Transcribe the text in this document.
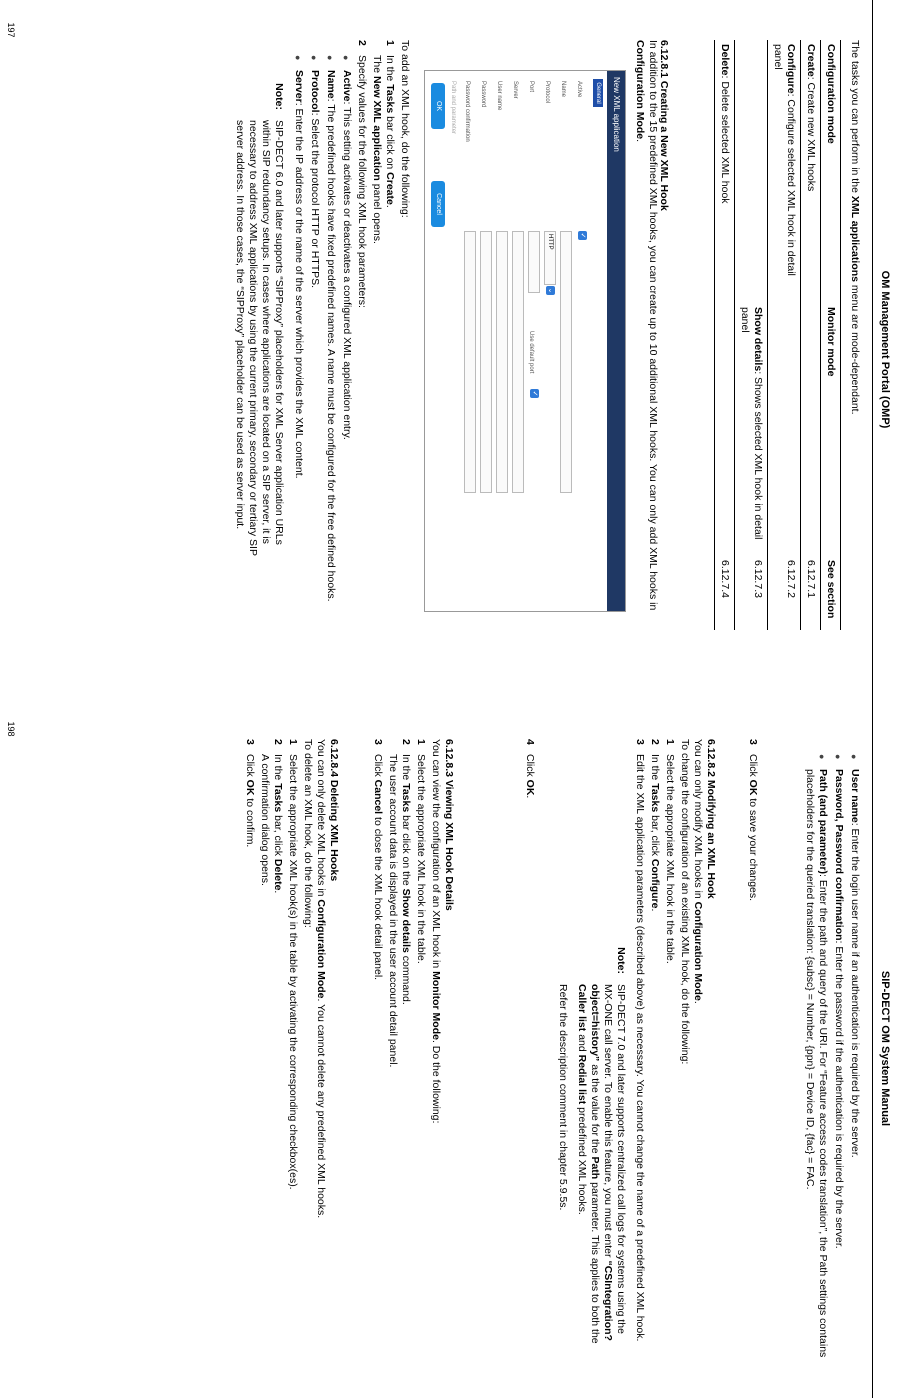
OM Management Portal (OMP)
The tasks you can perform in the XML applications menu are mode-dependant.
Configuration mode	Monitor mode	See section
Create: Create new XML hooks		6.12.7.1
Configure: Configure selected XML hook in detail panel		6.12.7.2
	Show details: Shows selected XML hook in detail panel	6.12.7.3
Delete: Delete selected XML hook		6.12.7.4
6.12.8.1 Creating a New XML Hook
In addition to the 15 predefined XML hooks, you can create up to 10 additional XML hooks. You can only add XML hooks in Configuration Mode.
New XML application
General
Active
✓
Name
Protocol
HTTP
⌄
Port
Use default port
✓
Server
User name
Password
Password confirmation
Path and parameter
OK
Cancel
To add an XML hook, do the following:
1
In the Tasks bar click on Create.
The New XML application panel opens.
2
Specify values for the following XML hook parameters:
●
Active: This setting activates or deactivates a configured XML application entry.
●
Name: The predefined hooks have fixed predefined names. A name must be configured for the free defined hooks.
●
Protocol: Select the protocol HTTP or HTTPS.
●
Server: Enter the IP address or the name of the server which provides the XML content.
Note:
SIP-DECT 6.0 and later supports “SIPProxy” placeholders for XML Server application URLs within SIP redundancy setups. In cases where applications are located on a SIP server, it is necessary to address XML applications by using the current primary, secondary or tertiary SIP server address. In those cases, the “SIPProxy” placeholder can be used as server input.
197
SIP-DECT OM System Manual
●
User name: Enter the login user name if an authentication is required by the server.
●
Password, Password confirmation: Enter the password if the authentication is required by the server.
●
Path (and parameter): Enter the path and query of the URI. For “Feature access codes translation”, the Path settings contains placeholders for the queried translation: {subsc} = Number, {ppn} = Device ID, {fac} = FAC.
3
Click OK to save your changes.
6.12.8.2 Modifying an XML Hook
You can only modify XML hooks in Configuration Mode.
To change the configuration of an existing XML hook, do the following:
1
Select the appropriate XML hook in the table.
2
In the Tasks bar, click Configure.
3
Edit the XML application parameters (described above) as necessary. You cannot change the name of a predefined XML hook.
Note:
SIP-DECT 7.0 and later supports centralized call logs for systems using the MX-ONE call server. To enable this feature, you must enter “CSIntegration?object=history” as the value for the Path parameter. This applies to both the Caller list and Redial list predefined XML hooks.
Refer the description comment in chapter 5.9.5s.
4
Click OK.
6.12.8.3 Viewing XML Hook Details
You can view the configuration of an XML hook in Monitor Mode. Do the following:
1
Select the appropriate XML hook in the table.
2
In the Tasks bar click on the Show details command.
The user account data is displayed in the user account detail panel.
3
Click Cancel to close the XML hook detail panel.
6.12.8.4 Deleting XML Hooks
You can only delete XML hooks in Configuration Mode. You cannot delete any predefined XML hooks.
To delete an XML hook, do the following:
1
Select the appropriate XML hook(s) in the table by activating the corresponding checkbox(es).
2
In the Tasks bar, click Delete.
A confirmation dialog opens.
3
Click OK to confirm.
198
